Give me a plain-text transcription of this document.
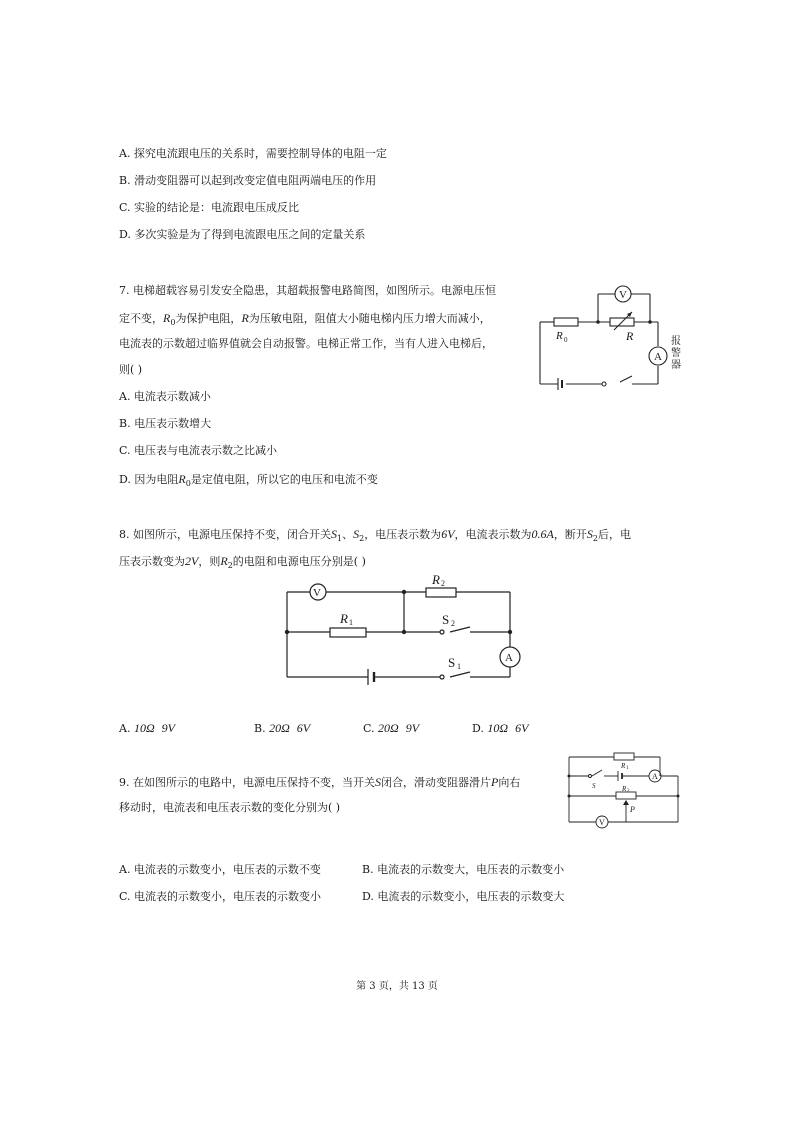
A. 探究电流跟电压的关系时，需要控制导体的电阻一定
B. 滑动变阻器可以起到改变定值电阻两端电压的作用
C. 实验的结论是：电流跟电压成反比
D. 多次实验是为了得到电流跟电压之间的定量关系
7. 电梯超载容易引发安全隐患，其超载报警电路简图，如图所示。电源电压恒
定不变，$R_0$为保护电阻，R为压敏电阻，阻值大小随电梯内压力增大而减小，
电流表的示数超过临界值就会自动报警。电梯正常工作，当有人进入电梯后，
则( )
A. 电流表示数减小
B. 电压表示数增大
C. 电压表与电流表示数之比减小
D. 因为电阻$R_0$是定值电阻，所以它的电压和电流不变
V
A
R 0	R	报
警
器
8. 如图所示，电源电压保持不变，闭合开关$S_1$、$S_2$，电压表示数为6V，电流表示数为0.6A，断开$S_2$后，电
压表示数变为2V，则$R_2$的电阻和电源电压分别是( )
V
A
R 2
R 1	S 2
S 1
A. 10Ω 9V	B. 20Ω 6V	C. 20Ω 9V	D. 10Ω 6V
9. 在如图所示的电路中，电源电压保持不变，当开关S闭合，滑动变阻器滑片P向右
移动时，电流表和电压表示数的变化分别为( )
R 1
S
A
R 2
P
V
A. 电流表的示数变小，电压表的示数不变	B. 电流表的示数变大，电压表的示数变小
C. 电流表的示数变小，电压表的示数变小	D. 电流表的示数变小，电压表的示数变大
第 3 页，共 13 页
